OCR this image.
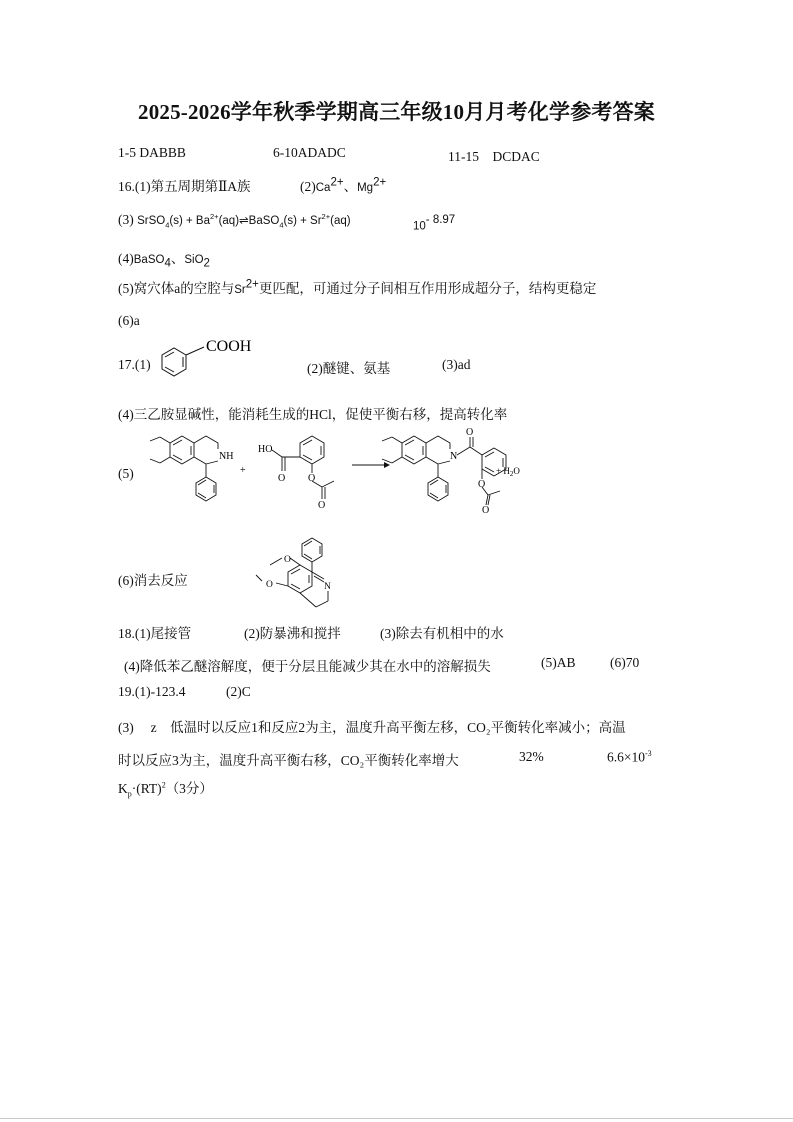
2025-2026学年秋季学期高三年级10月月考化学参考答案
1-5 DABBB	6-10ADADC	11-15　DCDAC
16.(1)第五周期第ⅡA族	$(2)Ca^{2+}$、$Mg^{2+}$
(3) SrSO$_4$(s) + $Ba^{2+}(aq)\rightleftharpoons BaSO_4(s) + Sr^{2+}(aq)$	$10^{- 8.97}$
(4)BaSO$_4$、SiO$_2$
(5)窝穴体a的空腔与$Sr^{2+}$更匹配，可通过分子间相互作用形成超分子，结构更稳定
(6)a
17.(1)
COOH
(2)醚键、氨基	(3)ad
(4)三乙胺显碱性，能消耗生成的HCl，促使平衡右移，提高转化率
(5)
NH
+
HO
O O
O
N
O
O
O
+ $H_2O$
(6)消去反应
O
O	N
18.(1)尾接管	(2)防暴沸和搅拌	(3)除去有机相中的水
(4)降低苯乙醚溶解度，便于分层且能减少其在水中的溶解损失	(5)AB	(6)70
19.(1)-123.4	(2)C
(3)　 z　低温时以反应1和反应2为主，温度升高平衡左移，CO₂平衡转化率减小；高温
时以反应3为主，温度升高平衡右移，CO₂平衡转化率增大	32%	$6.6\times 10^{-3}$
$K_p\cdot(RT)^2(3$分）
